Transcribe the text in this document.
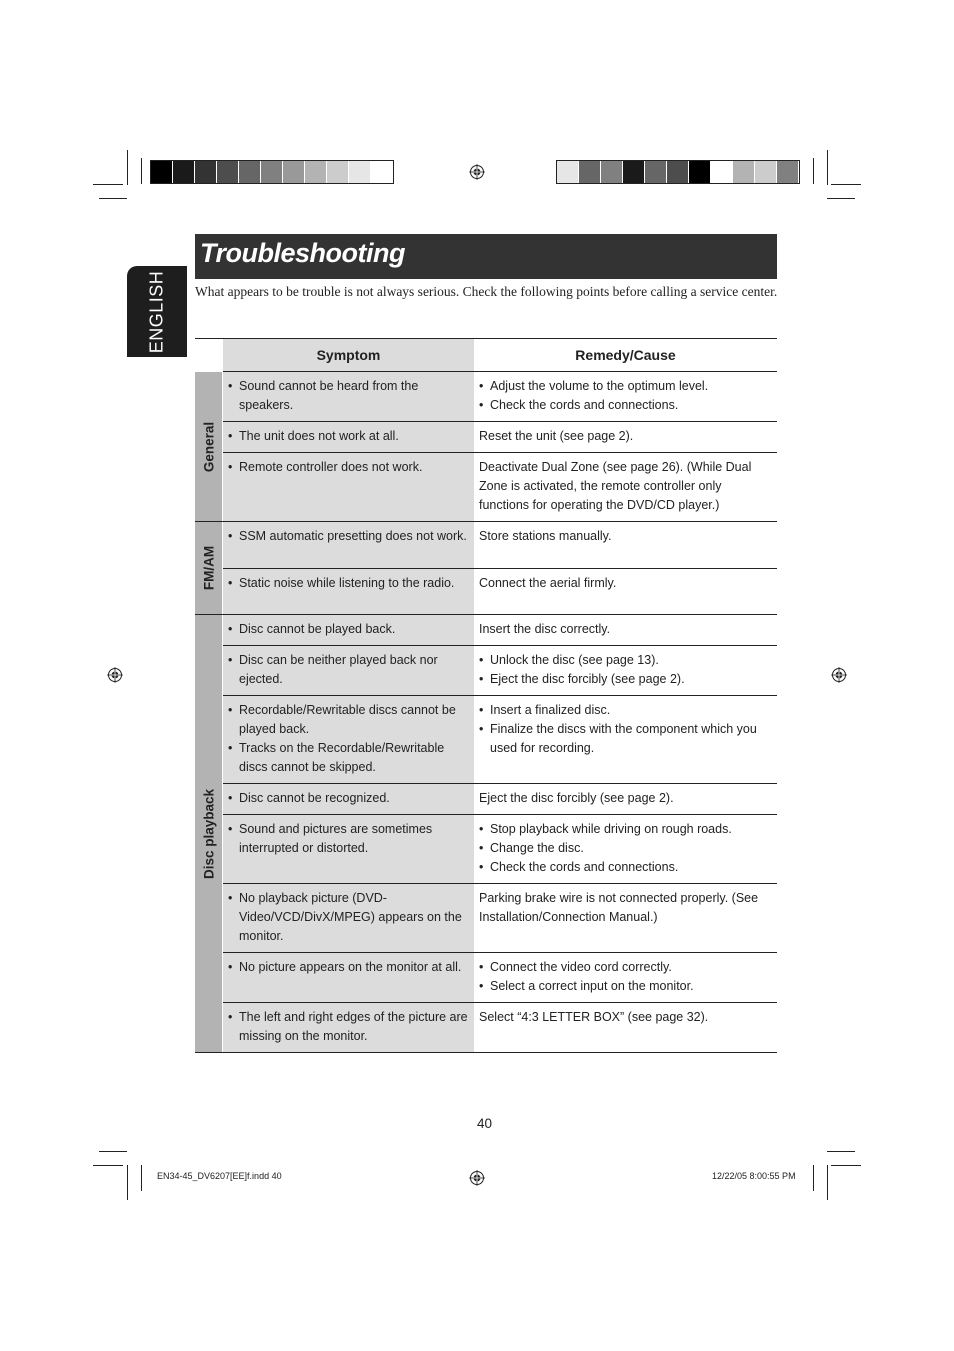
ENGLISH
Troubleshooting
What appears to be trouble is not always serious. Check the following points before calling a service center.
Symptom	Remedy/Cause
General
• Sound cannot be heard from the speakers.
• Adjust the volume to the optimum level.
• Check the cords and connections.
• The unit does not work at all.	Reset the unit (see page 2).
• Remote controller does not work.	Deactivate Dual Zone (see page 26). (While Dual Zone is activated, the remote controller only functions for operating the DVD/CD player.)
FM/AM
• SSM automatic presetting does not work. Store stations manually.
• Static noise while listening to the radio.	Connect the aerial firmly.
Disc playback
• Disc cannot be played back.	Insert the disc correctly.
• Disc can be neither played back nor ejected.
• Unlock the disc (see page 13).
• Eject the disc forcibly (see page 2).
• Recordable/Rewritable discs cannot be played back.
• Tracks on the Recordable/Rewritable discs cannot be skipped.
• Insert a finalized disc.
• Finalize the discs with the component which you used for recording.
• Disc cannot be recognized.	Eject the disc forcibly (see page 2).
• Sound and pictures are sometimes interrupted or distorted.
• Stop playback while driving on rough roads.
• Change the disc.
• Check the cords and connections.
• No playback picture (DVD-Video/VCD/DivX/MPEG) appears on the monitor.
Parking brake wire is not connected properly. (See Installation/Connection Manual.)
• No picture appears on the monitor at all.
•	Connect the video cord correctly.
• Select a correct input on the monitor.
• The left and right edges of the picture are missing on the monitor.
Select “4:3 LETTER BOX” (see page 32).
40
EN34-45_DV6207[EE]f.indd 40	12/22/05 8:00:55 PM
